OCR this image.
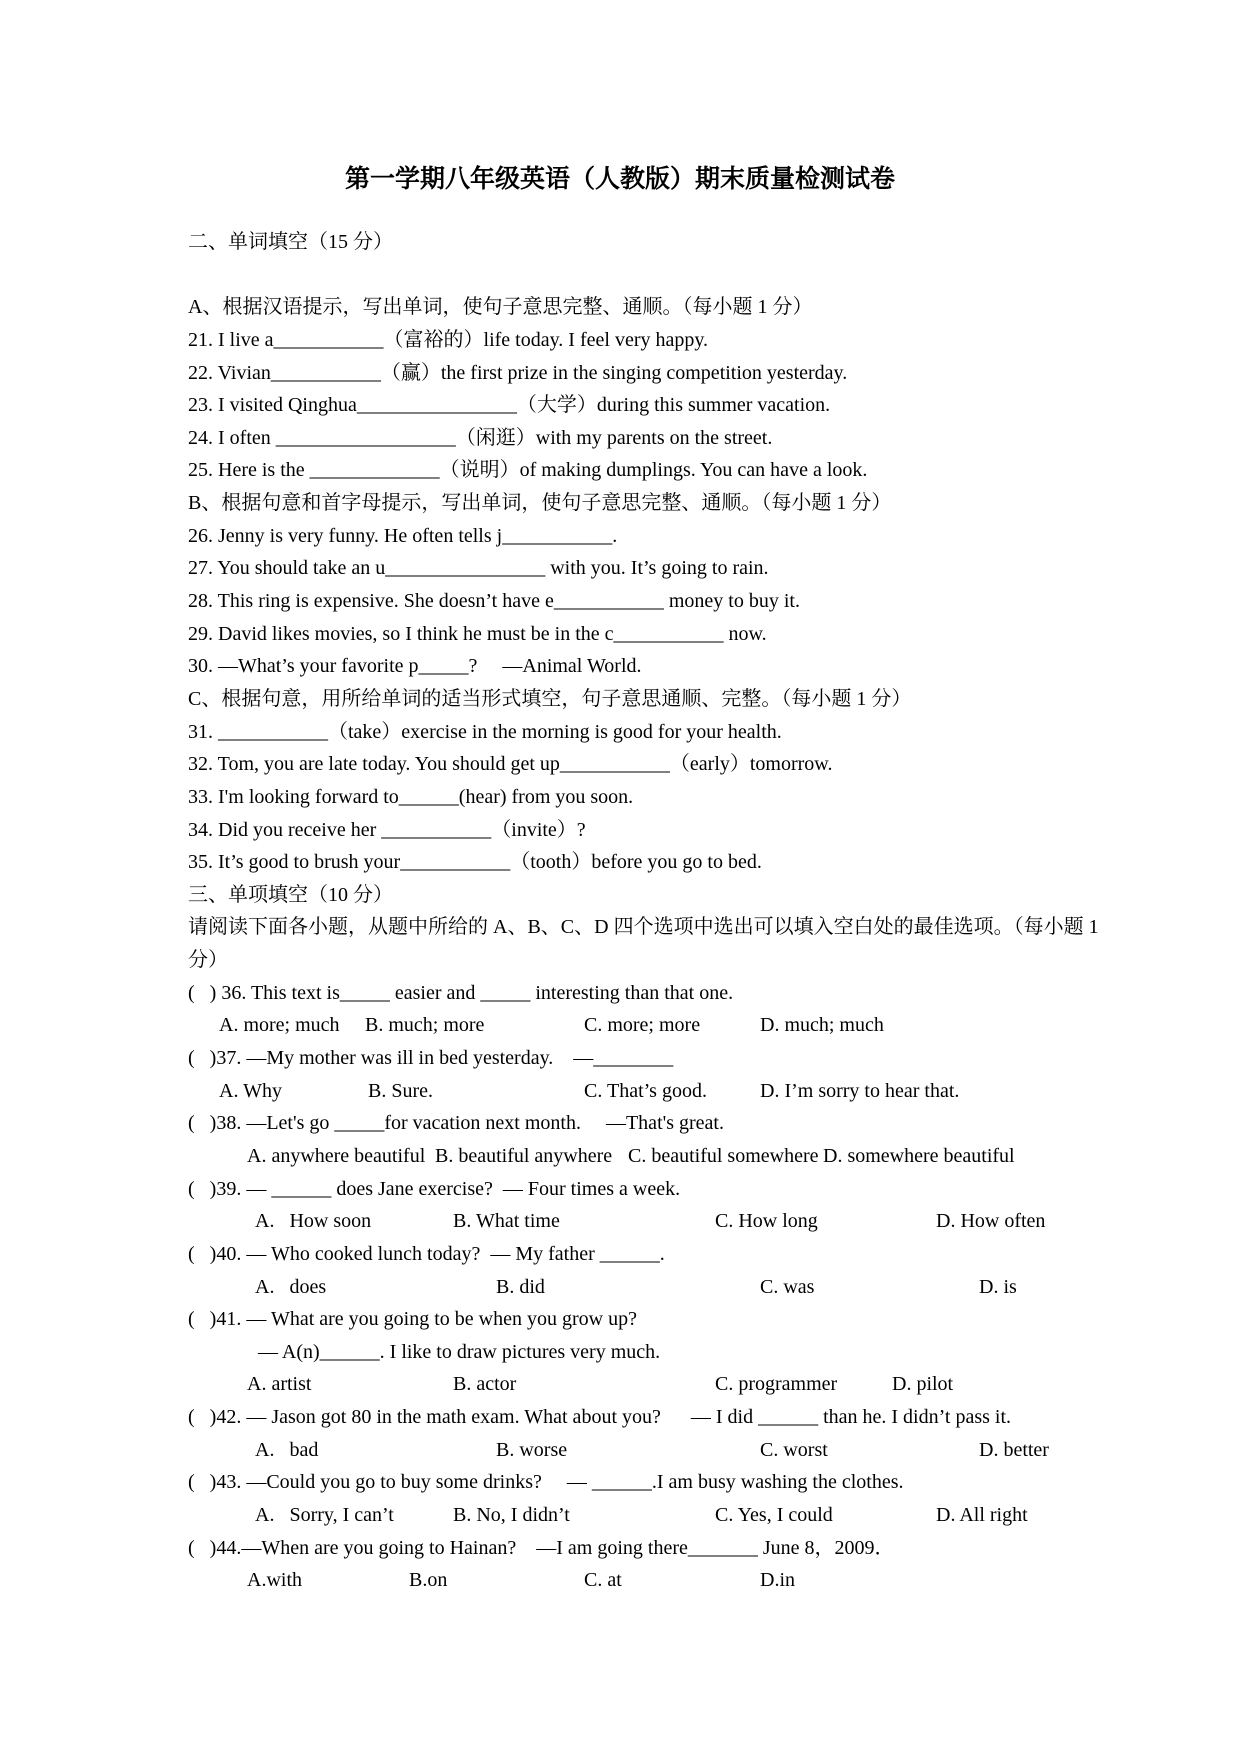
第一学期八年级英语（人教版）期末质量检测试卷
二、单词填空（15 分）
A、根据汉语提示，写出单词，使句子意思完整、通顺。（每小题 1 分）
21. I live a___________（富裕的）life today. I feel very happy.
22. Vivian___________（赢）the first prize in the singing competition yesterday.
23. I visited Qinghua________________（大学）during this summer vacation.
24. I often __________________（闲逛）with my parents on the street.
25. Here is the _____________（说明）of making dumplings. You can have a look.
B、根据句意和首字母提示，写出单词，使句子意思完整、通顺。（每小题 1 分）
26. Jenny is very funny. He often tells j___________.
27. You should take an u________________ with you. It’s going to rain.
28. This ring is expensive. She doesn’t have e___________ money to buy it.
29. David likes movies, so I think he must be in the c___________ now.
30. —What’s your favorite p_____?     —Animal World.
C、根据句意，用所给单词的适当形式填空，句子意思通顺、完整。（每小题 1 分）
31. ___________（take）exercise in the morning is good for your health.
32. Tom, you are late today. You should get up___________（early）tomorrow.
33. I'm looking forward to______(hear) from you soon.
34. Did you receive her ___________（invite）?
35. It’s good to brush your___________（tooth）before you go to bed.
三、单项填空（10 分）
请阅读下面各小题，从题中所给的 A、B、C、D 四个选项中选出可以填入空白处的最佳选项。（每小题 1
分）
(   ) 36. This text is_____ easier and _____ interesting than that one.

A. more; much

B. much; more

	C. more; more

	D. much; much

(   )37. —My mother was ill in bed yesterday.    —________

A. Why

	B. Sure.

	C. That’s good.

	D. I’m sorry to hear that.

(   )38. —Let's go _____for vacation next month.     —That's great.

A. anywhere beautiful

B. beautiful anywhere

C. beautiful somewhere

D. somewhere beautiful

(   )39. — ______ does Jane exercise?  — Four times a week.

A.   How soon

	B. What time

	C. How long

	D. How often

(   )40. — Who cooked lunch today?  — My father ______.

A.   does

	B. did

	C. was

	D. is

(   )41. — What are you going to be when you grow up?
— A(n)______. I like to draw pictures very much.

A. artist

	B. actor

	C. programmer

	D. pilot

(   )42. — Jason got 80 in the math exam. What about you?      — I did ______ than he. I didn’t pass it.

A.   bad

	B. worse

	C. worst

	D. better

(   )43. —Could you go to buy some drinks?     — ______.I am busy washing the clothes.

A.   Sorry, I can’t

	B. No, I didn’t

	C. Yes, I could

	D. All right

(   )44.—When are you going to Hainan?    —I am going there_______ June 8，2009．

A.with

	B.on

	C. at

	D.in
